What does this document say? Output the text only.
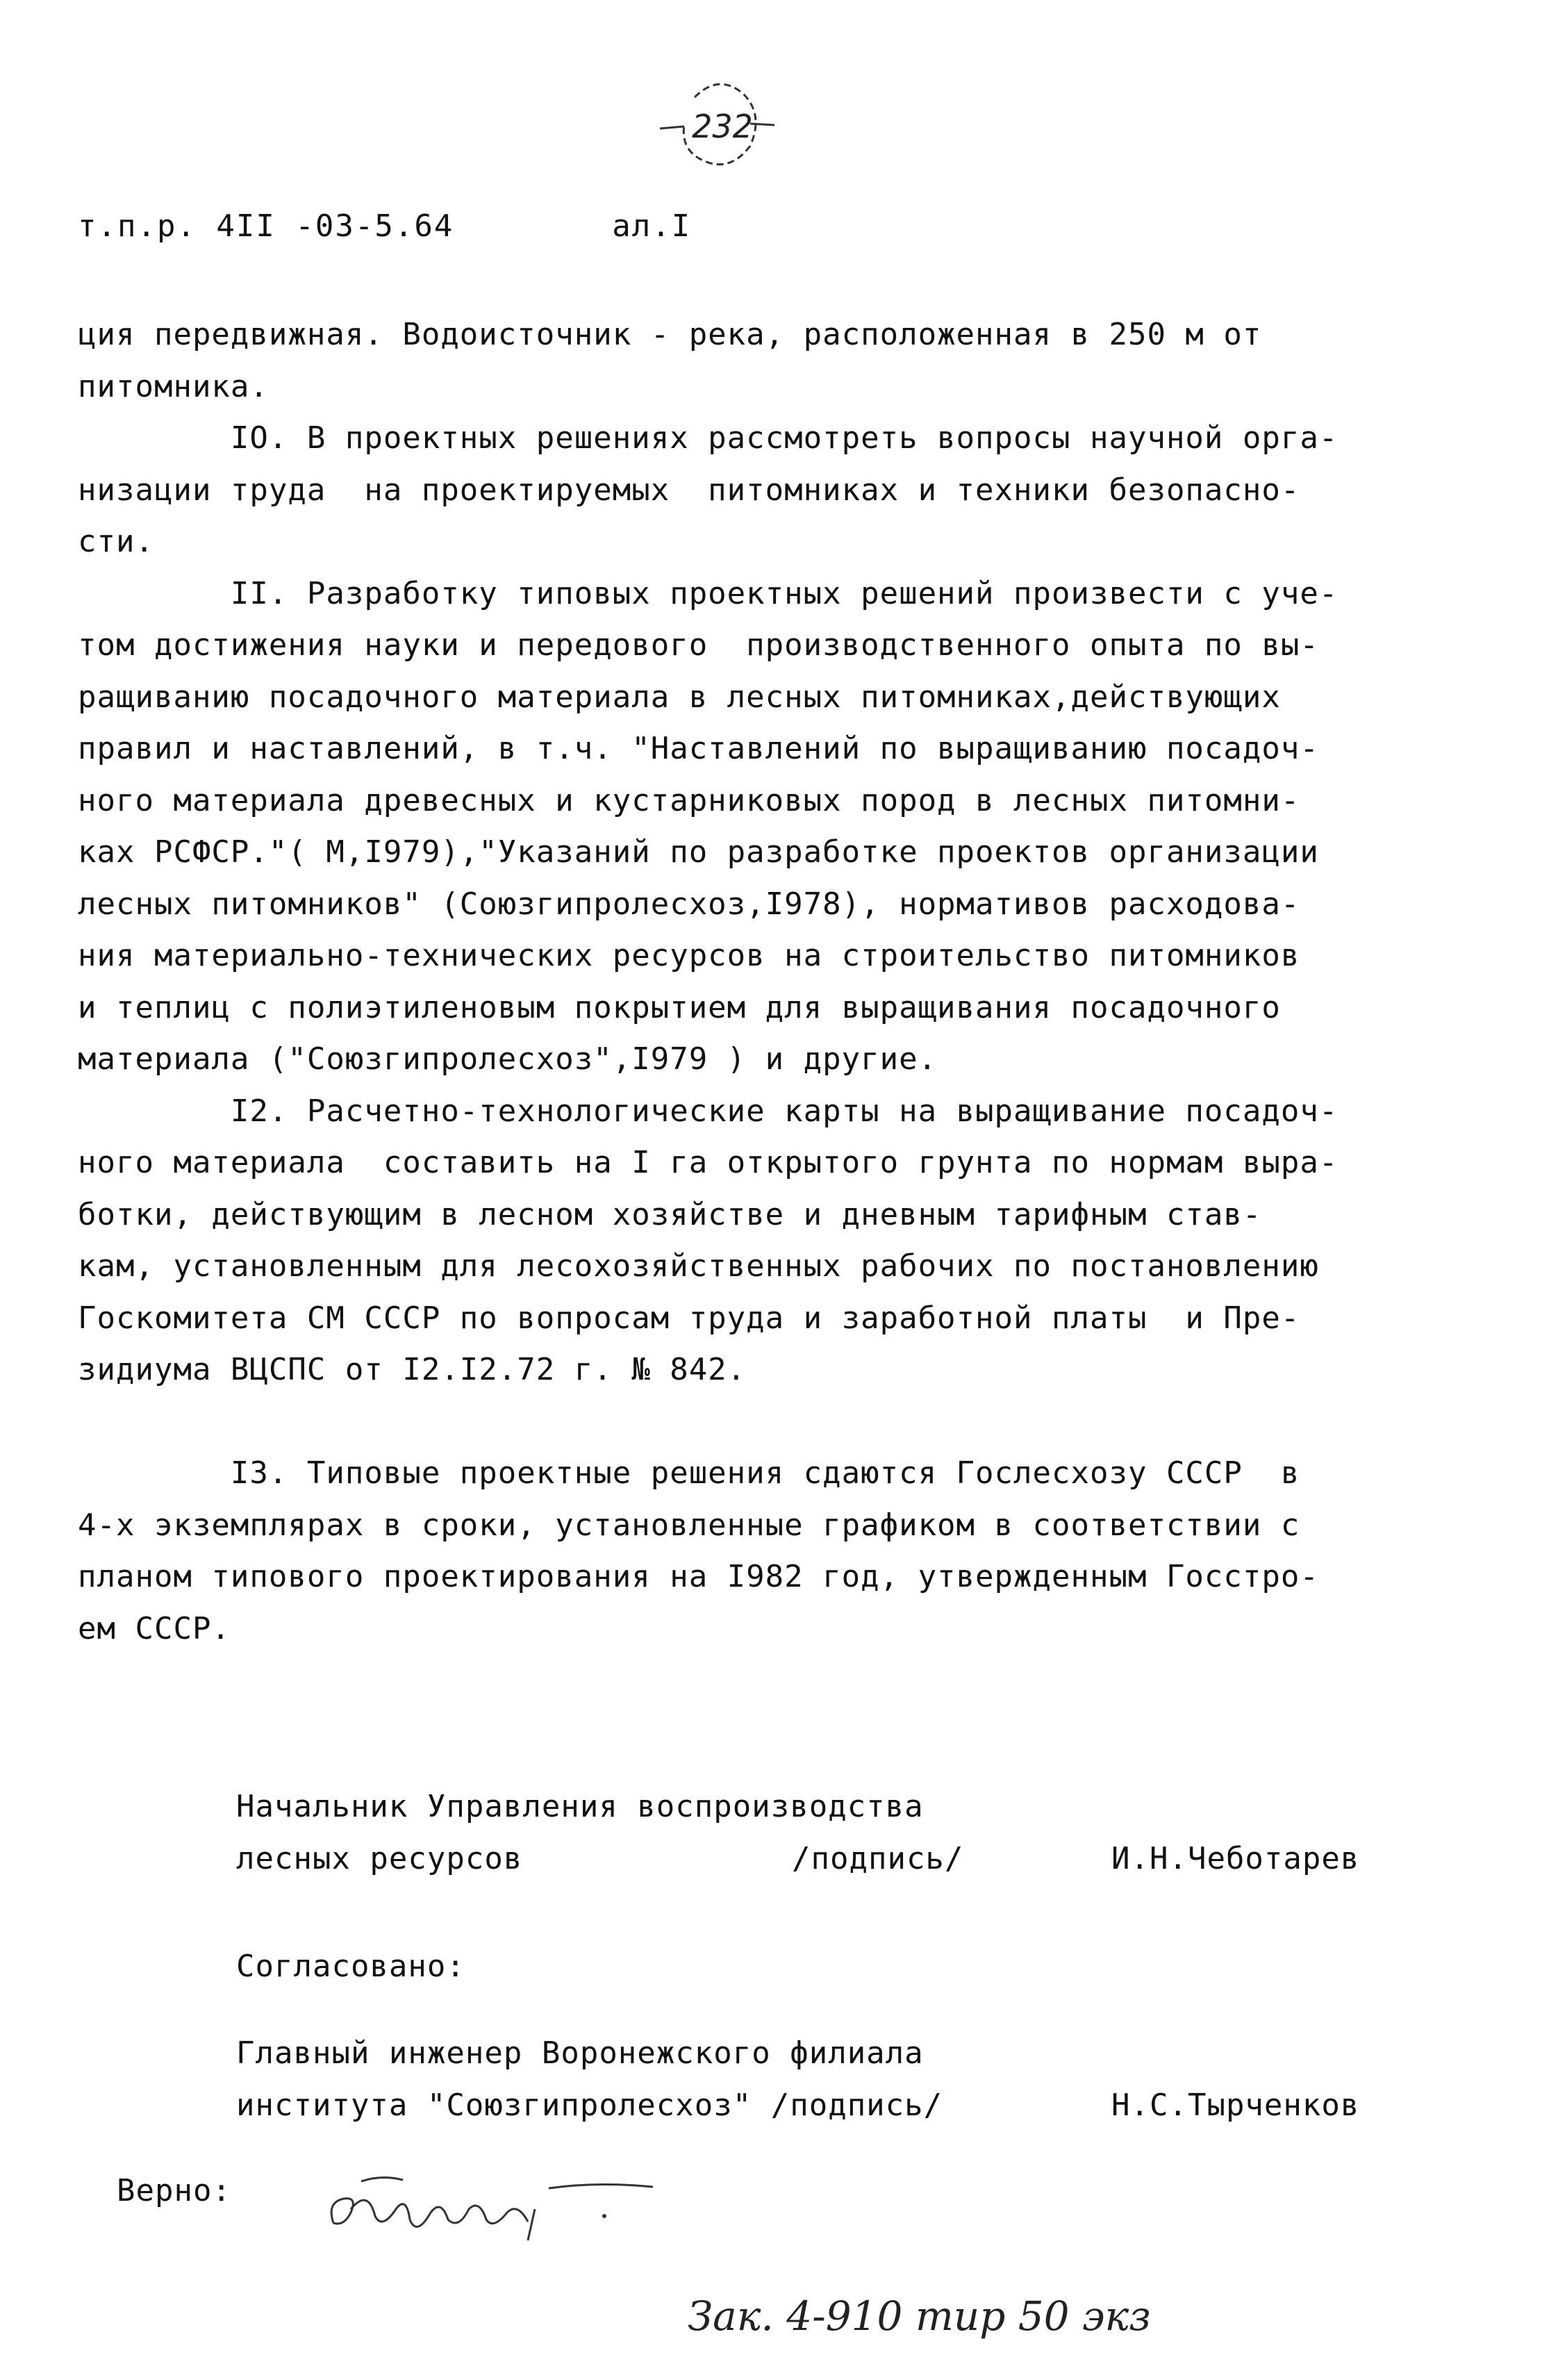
232
т.п.р. 4II -03-5.64	ал.I
ция передвижная. Водоисточник - река, расположенная в 250 м от
питомника.
IO. В проектных решениях рассмотреть вопросы научной орга-
низации труда  на проектируемых  питомниках и техники безопасно-
сти.
II. Разработку типовых проектных решений произвести с уче-
том достижения науки и передового  производственного опыта по вы-
ращиванию посадочного материала в лесных питомниках,действующих
правил и наставлений, в т.ч. "Наставлений по выращиванию посадоч-
ного материала древесных и кустарниковых пород в лесных питомни-
ках РСФСР."( М,I979),"Указаний по разработке проектов организации
лесных питомников" (Союзгипролесхоз,I978), нормативов расходова-
ния материально-технических ресурсов на строительство питомников
и теплиц с полиэтиленовым покрытием для выращивания посадочного
материала ("Союзгипролесхоз",I979 ) и другие.
I2. Расчетно-технологические карты на выращивание посадоч-
ного материала  составить на I га открытого грунта по нормам выра-
ботки, действующим в лесном хозяйстве и дневным тарифным став-
кам, установленным для лесохозяйственных рабочих по постановлению
Госкомитета СМ СССР по вопросам труда и заработной платы  и Пре-
зидиума ВЦСПС от I2.I2.72 г. № 842.
I3. Типовые проектные решения сдаются Гослесхозу СССР  в
4-х экземплярах в сроки, установленные графиком в соответствии с
планом типового проектирования на I982 год, утвержденным Госстро-
ем СССР.
Начальник Управления воспроизводства
лесных ресурсов	/подпись/	И.Н.Чеботарев
Согласовано:
Главный инженер Воронежского филиала
института "Союзгипролесхоз" /подпись/	Н.С.Тырченков
Верно:
Зак. 4-910 тир 50 экз
